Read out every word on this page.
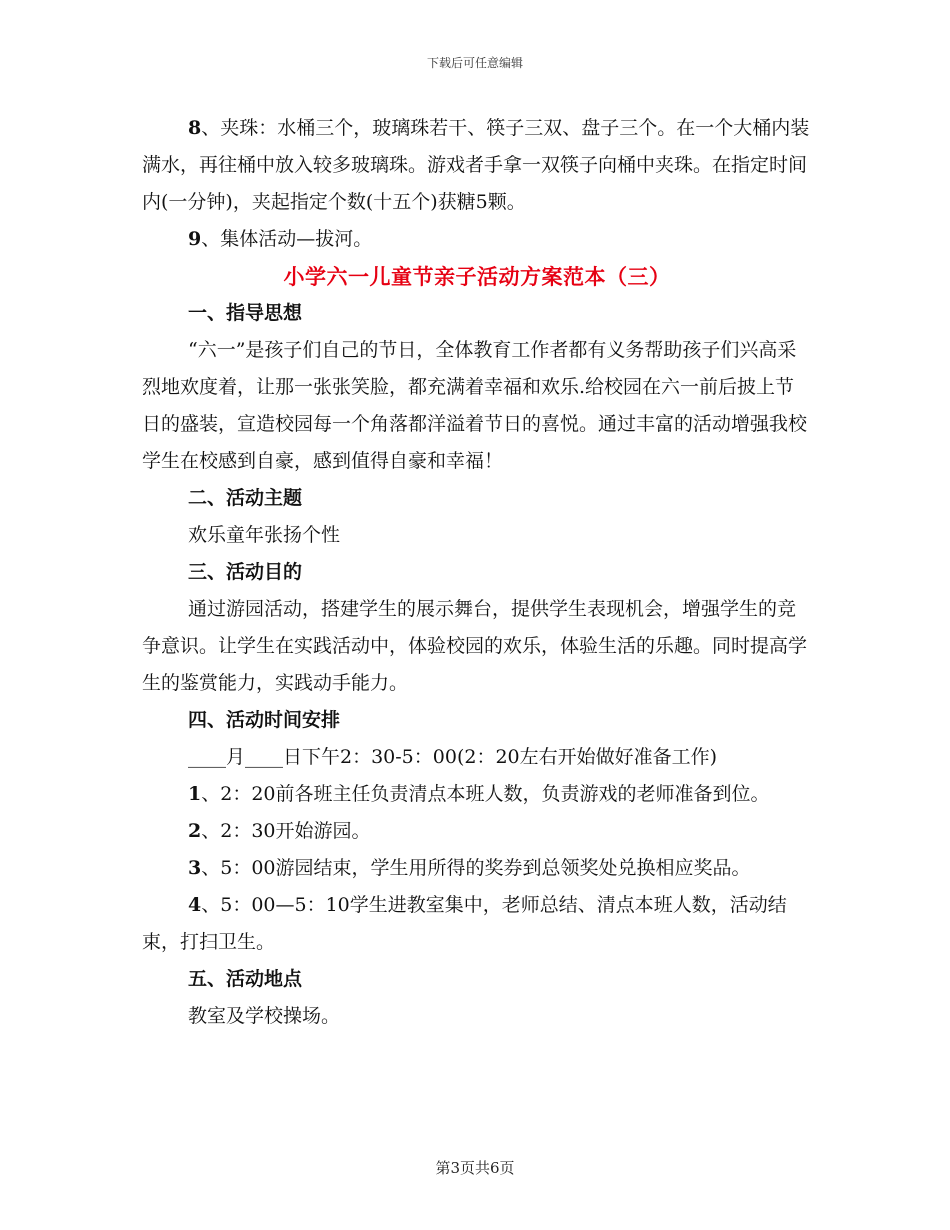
下载后可任意编辑

8、夹珠：水桶三个，玻璃珠若干、筷子三双、盘子三个。在一个大桶内装满水，再往桶中放入较多玻璃珠。游戏者手拿一双筷子向桶中夹珠。在指定时间内(一分钟)，夹起指定个数(十五个)获糖5颗。

9、集体活动—拔河。

小学六一儿童节亲子活动方案范本（三）

一、指导思想

“六一”是孩子们自己的节日，全体教育工作者都有义务帮助孩子们兴高采烈地欢度着，让那一张张笑脸，都充满着幸福和欢乐.给校园在六一前后披上节日的盛装，宣造校园每一个角落都洋溢着节日的喜悦。通过丰富的活动增强我校学生在校感到自豪，感到值得自豪和幸福！

二、活动主题

欢乐童年张扬个性

三、活动目的

通过游园活动，搭建学生的展示舞台，提供学生表现机会，增强学生的竞争意识。让学生在实践活动中，体验校园的欢乐，体验生活的乐趣。同时提高学生的鉴赏能力，实践动手能力。

四、活动时间安排

____月____日下午2：30-5：00(2：20左右开始做好准备工作)

1、2：20前各班主任负责清点本班人数，负责游戏的老师准备到位。

2、2：30开始游园。

3、5：00游园结束，学生用所得的奖券到总领奖处兑换相应奖品。

4、5：00—5：10学生进教室集中，老师总结、清点本班人数，活动结束，打扫卫生。

五、活动地点

教室及学校操场。

第3页共6页
